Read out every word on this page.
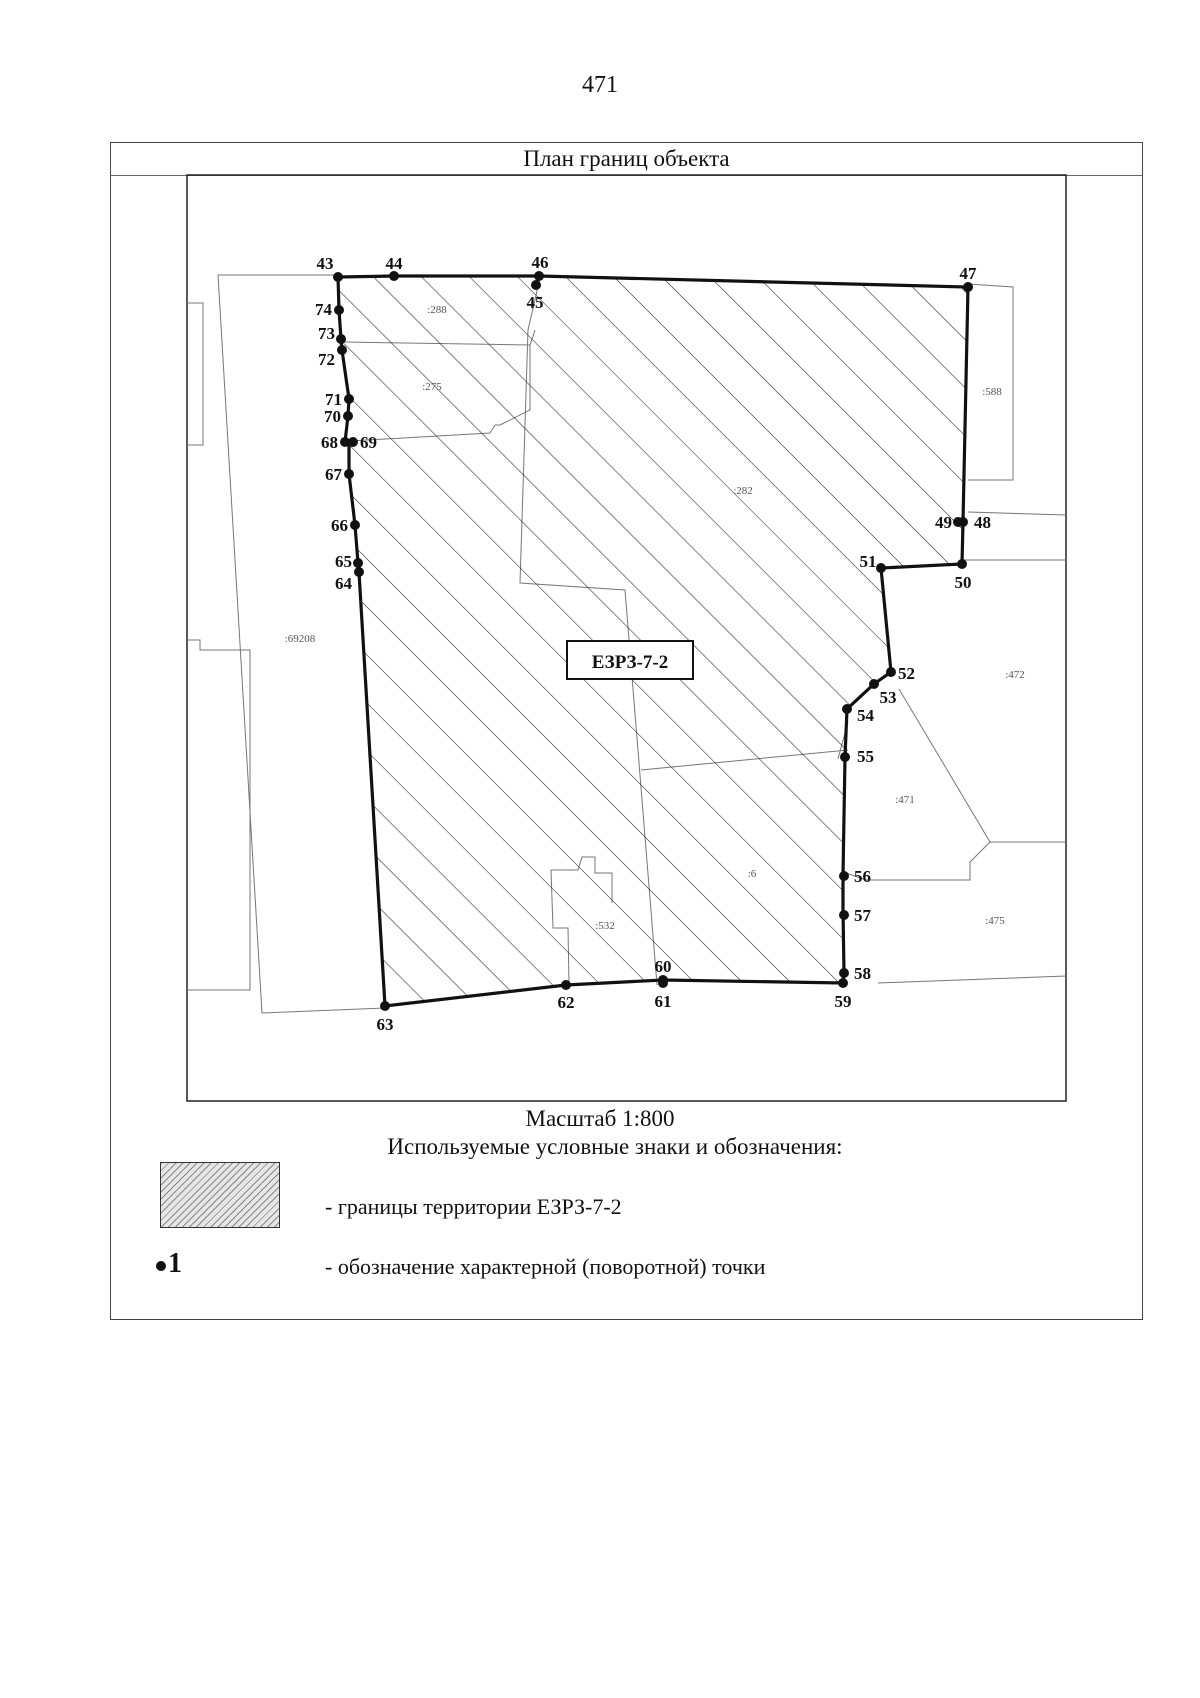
471
План границ объекта
ЕЗРЗ-7-2
43	44
45
46
47
48
49
50
51
52
53
54
55
56
57
58
59
60
61
62
63
64
65
66
67
68 69
70
71
72
73
74	:288
:275	:588
:282
:69208
:472
:471
:6
:475
:532
Масштаб 1:800
Используемые условные знаки и обозначения:
- границы территории ЕЗРЗ-7-2
1	- обозначение характерной (поворотной) точки
